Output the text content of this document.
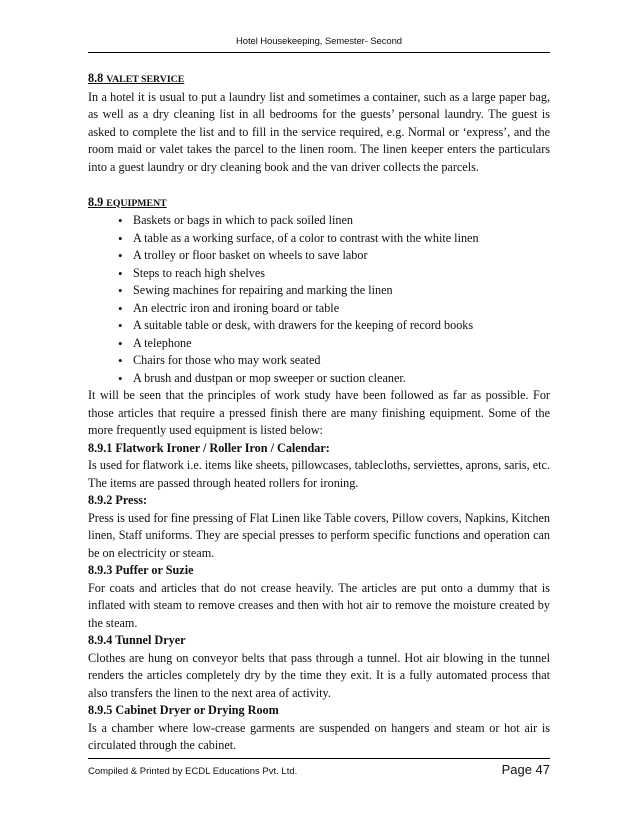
Hotel Housekeeping, Semester- Second
8.8 VALET SERVICE

In a hotel it is usual to put a laundry list and sometimes a container, such as a large paper bag, as well as a dry cleaning list in all bedrooms for the guests’ personal laundry. The guest is asked to complete the list and to fill in the service required, e.g. Normal or ‘express’, and the room maid or valet takes the parcel to the linen room. The linen keeper enters the particulars into a guest laundry or dry cleaning book and the van driver collects the parcels.

8.9 EQUIPMENT
• Baskets or bags in which to pack soiled linen
• A table as a working surface, of a color to contrast with the white linen
• A trolley or floor basket on wheels to save labor
• Steps to reach high shelves
• Sewing machines for repairing and marking the linen
• An electric iron and ironing board or table
• A suitable table or desk, with drawers for the keeping of record books
• A telephone
• Chairs for those who may work seated
• A brush and dustpan or mop sweeper or suction cleaner.

It will be seen that the principles of work study have been followed as far as possible. For those articles that require a pressed finish there are many finishing equipment. Some of the more frequently used equipment is listed below:

8.9.1 Flatwork Ironer / Roller Iron / Calendar:

Is used for flatwork i.e. items like sheets, pillowcases, tablecloths, serviettes, aprons, saris, etc. The items are passed through heated rollers for ironing.

8.9.2 Press:

Press is used for fine pressing of Flat Linen like Table covers, Pillow covers, Napkins, Kitchen linen, Staff uniforms. They are special presses to perform specific functions and operation can be on electricity or steam.

8.9.3 Puffer or Suzie

For coats and articles that do not crease heavily. The articles are put onto a dummy that is inflated with steam to remove creases and then with hot air to remove the moisture created by the steam.

8.9.4 Tunnel Dryer

Clothes are hung on conveyor belts that pass through a tunnel. Hot air blowing in the tunnel renders the articles completely dry by the time they exit. It is a fully automated process that also transfers the linen to the next area of activity.

8.9.5 Cabinet Dryer or Drying Room

Is a chamber where low-crease garments are suspended on hangers and steam or hot air is circulated through the cabinet.

Compiled & Printed by ECDL Educations Pvt. Ltd.	Page 47
